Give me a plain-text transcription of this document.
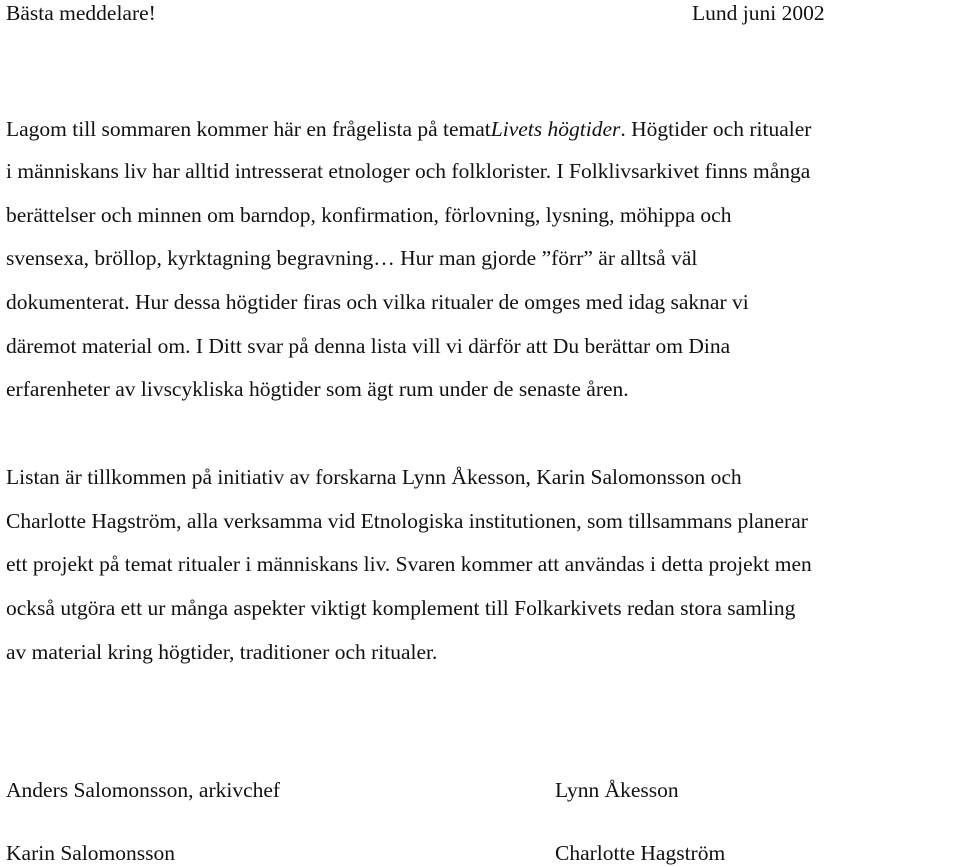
Bästa meddelare!	Lund juni 2002
Lagom till sommaren kommer här en frågelista på tematLivets högtider. Högtider och ritualer
i människans liv har alltid intresserat etnologer och folklorister. I Folklivsarkivet finns många
berättelser och minnen om barndop, konfirmation, förlovning, lysning, möhippa och
svensexa, bröllop, kyrktagning begravning… Hur man gjorde ”förr” är alltså väl
dokumenterat. Hur dessa högtider firas och vilka ritualer de omges med idag saknar vi
däremot material om. I Ditt svar på denna lista vill vi därför att Du berättar om Dina
erfarenheter av livscykliska högtider som ägt rum under de senaste åren.
Listan är tillkommen på initiativ av forskarna Lynn Åkesson, Karin Salomonsson och
Charlotte Hagström, alla verksamma vid Etnologiska institutionen, som tillsammans planerar
ett projekt på temat ritualer i människans liv. Svaren kommer att användas i detta projekt men
också utgöra ett ur många aspekter viktigt komplement till Folkarkivets redan stora samling
av material kring högtider, traditioner och ritualer.
Anders Salomonsson, arkivchef	Lynn Åkesson
Karin Salomonsson	Charlotte Hagström
